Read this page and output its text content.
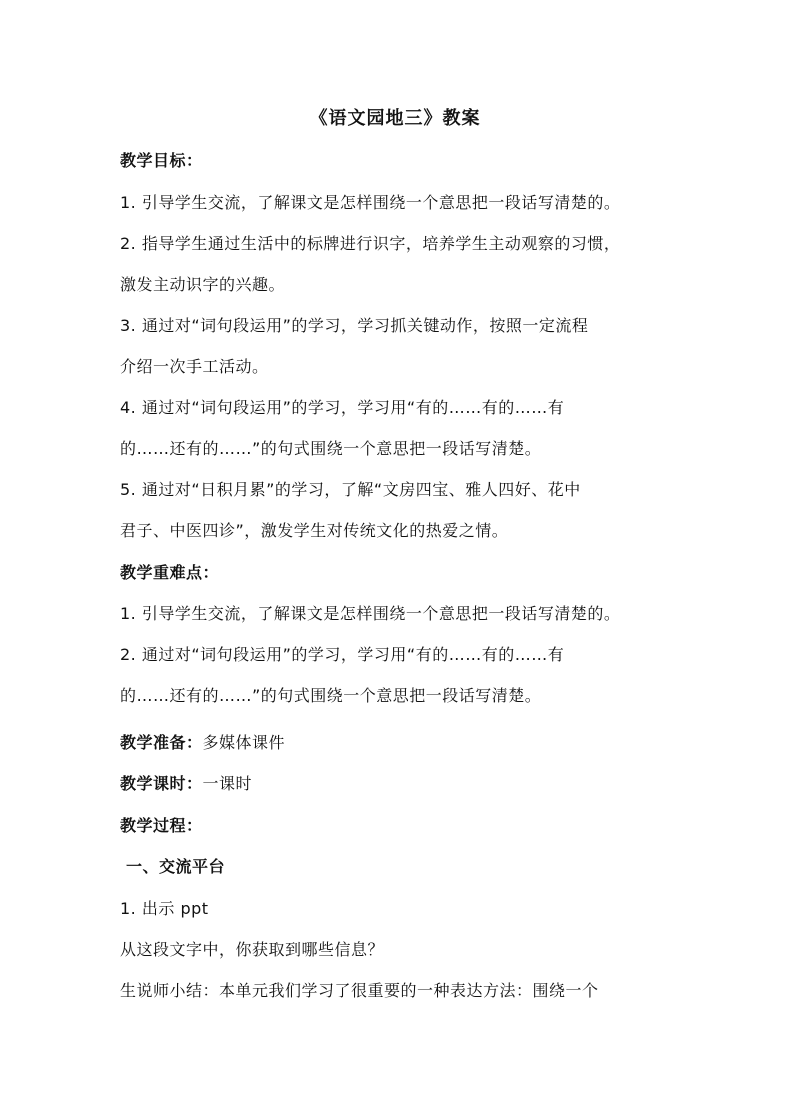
《语文园地三》教案
教学目标：
1. 引导学生交流，了解课文是怎样围绕一个意思把一段话写清楚的。
2. 指导学生通过生活中的标牌进行识字，培养学生主动观察的习惯，
激发主动识字的兴趣。
3. 通过对“词句段运用”的学习，学习抓关键动作，按照一定流程
介绍一次手工活动。
4. 通过对“词句段运用”的学习，学习用“有的……有的……有
的……还有的……”的句式围绕一个意思把一段话写清楚。
5. 通过对“日积月累”的学习，了解“文房四宝、雅人四好、花中
君子、中医四诊”，激发学生对传统文化的热爱之情。
教学重难点：
1. 引导学生交流，了解课文是怎样围绕一个意思把一段话写清楚的。
2. 通过对“词句段运用”的学习，学习用“有的……有的……有
的……还有的……”的句式围绕一个意思把一段话写清楚。
教学准备：多媒体课件
教学课时：一课时
教学过程：
一、交流平台
1. 出示 ppt
从这段文字中，你获取到哪些信息？
生说师小结：本单元我们学习了很重要的一种表达方法：围绕一个
